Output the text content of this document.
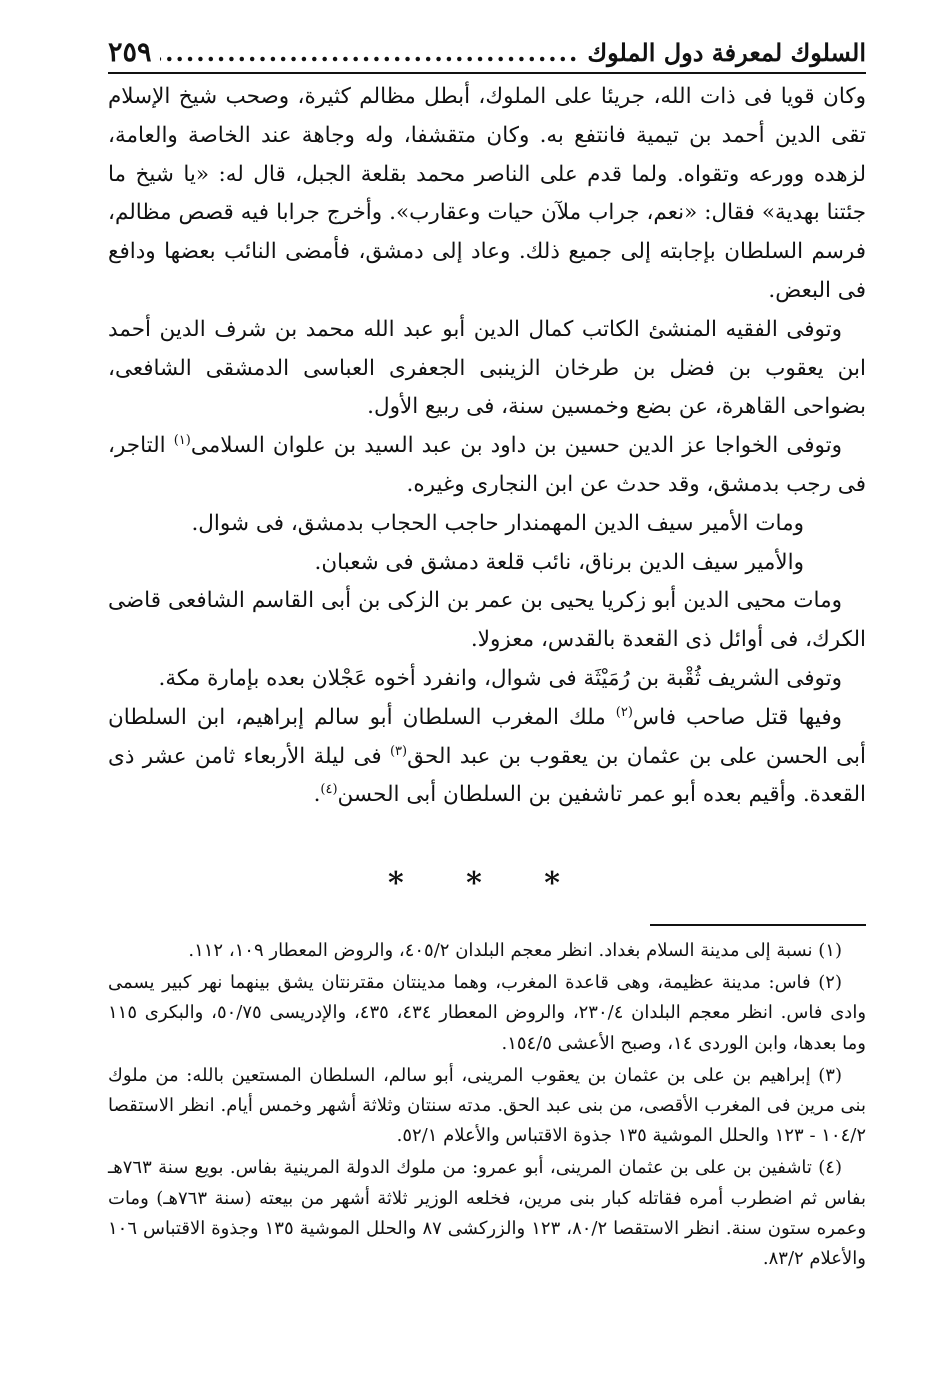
السلوك لمعرفة دول الملوك
.....
٢٥٩

وكان قويا فى ذات الله، جريئا على الملوك، أبطل مظالم كثيرة، وصحب شيخ الإسلام تقى الدين أحمد بن تيمية فانتفع به. وكان متقشفا، وله وجاهة عند الخاصة والعامة، لزهده وورعه وتقواه. ولما قدم على الناصر محمد بقلعة الجبل، قال له: «يا شيخ ما جئتنا بهدية» فقال: «نعم، جراب ملآن حيات وعقارب». وأخرج جرابا فيه قصص مظالم، فرسم السلطان بإجابته إلى جميع ذلك. وعاد إلى دمشق، فأمضى النائب بعضها ودافع فى البعض.

وتوفى الفقيه المنشئ الكاتب كمال الدين أبو عبد الله محمد بن شرف الدين أحمد ابن يعقوب بن فضل بن طرخان الزينبى الجعفرى العباسى الدمشقى الشافعى، بضواحى القاهرة، عن بضع وخمسين سنة، فى ربيع الأول.

وتوفى الخواجا عز الدين حسين بن داود بن عبد السيد بن علوان السلامى$^{(١)}$ التاجر، فى رجب بدمشق، وقد حدث عن ابن النجارى وغيره.

ومات الأمير سيف الدين المهمندار حاجب الحجاب بدمشق، فى شوال.

والأمير سيف الدين برناق، نائب قلعة دمشق فى شعبان.

ومات محيى الدين أبو زكريا يحيى بن عمر بن الزكى بن أبى القاسم الشافعى قاضى الكرك، فى أوائل ذى القعدة بالقدس، معزولا.

وتوفى الشريف ثُقْبة بن رُمَيْثَة فى شوال، وانفرد أخوه عَجْلان بعده بإمارة مكة.

وفيها قتل صاحب فاس$^{(٢)}$ ملك المغرب السلطان أبو سالم إبراهيم، ابن السلطان أبى الحسن على بن عثمان بن يعقوب بن عبد الحق$^{(٣)}$ فى ليلة الأربعاء ثامن عشر ذى القعدة. وأقيم بعده أبو عمر تاشفين بن السلطان أبى الحسن$^{(٤)}$.

* * *

(١) نسبة إلى مدينة السلام بغداد. انظر معجم البلدان ٤٠٥/٢، والروض المعطار ١٠٩، ١١٢.

(٢) فاس: مدينة عظيمة، وهى قاعدة المغرب، وهما مدينتان مقترنتان يشق بينهما نهر كبير يسمى وادى فاس. انظر معجم البلدان ٢٣٠/٤، والروض المعطار ٤٣٤، ٤٣٥، والإدريسى ٥٠/٧٥، والبكرى ١١٥ وما بعدها، وابن الوردى ١٤، وصبح الأعشى ١٥٤/٥.

(٣) إبراهيم بن على بن عثمان بن يعقوب المرينى، أبو سالم، السلطان المستعين بالله: من ملوك بنى مرين فى المغرب الأقصى، من بنى عبد الحق. مدته سنتان وثلاثة أشهر وخمس أيام. انظر الاستقصا ١٠٤/٢ - ١٢٣ والحلل الموشية ١٣٥ جذوة الاقتباس والأعلام ٥٢/١.

(٤) تاشفين بن على بن عثمان المرينى، أبو عمرو: من ملوك الدولة المرينية بفاس. بويع سنة ٧٦٣هـ بفاس ثم اضطرب أمره فقاتله كبار بنى مرين، فخلعه الوزير ثلاثة أشهر من بيعته (سنة ٧٦٣هـ) ومات وعمره ستون سنة. انظر الاستقصا ٨٠/٢، ١٢٣ والزركشى ٨٧ والحلل الموشية ١٣٥ وجذوة الاقتباس ١٠٦ والأعلام ٨٣/٢.
